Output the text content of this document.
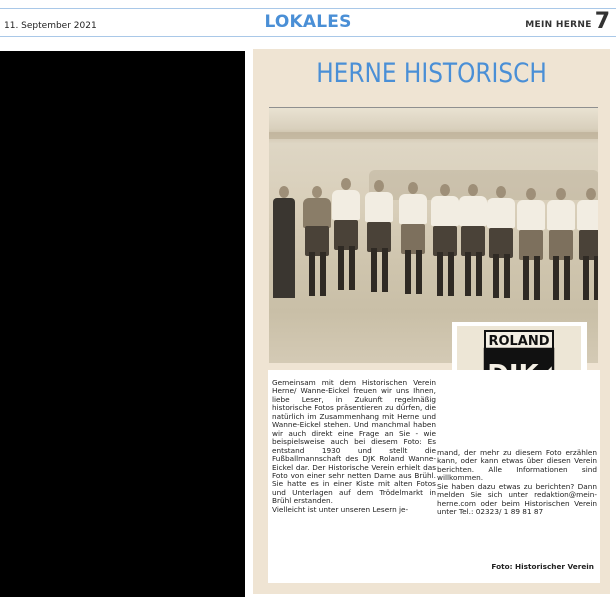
11. September 2021	LOKALES	MEIN HERNE 7
HERNE HISTORISCH
ROLAND

Gemeinsam mit dem Historischen Verein Herne/ Wanne-Eickel freuen wir uns Ihnen, liebe Leser, in Zukunft regelmäßig historische Fotos präsentieren zu dürfen, die natürlich im Zusammenhang mit Herne und Wanne-Eickel stehen. Und manchmal haben wir auch direkt eine Frage an Sie - wie beispielsweise auch bei diesem Foto: Es entstand 1930 und stellt die Fußballmannschaft des DJK Roland Wanne-Eickel dar. Der Historische Verein erhielt das Foto von einer sehr netten Dame aus Brühl. Sie hatte es in einer Kiste mit alten Fotos und Unterlagen auf dem Trödelmarkt in Brühl erstanden.

Vielleicht ist unter unseren Lesern je-

mand, der mehr zu diesem Foto erzählen kann, oder kann etwas über diesen Verein berichten. Alle Informationen sind willkommen.

Sie haben dazu etwas zu berichten? Dann melden Sie sich unter redaktion@mein-herne.com oder beim Historischen Verein unter Tel.: 02323/ 1 89 81 87

Foto: Historischer Verein
